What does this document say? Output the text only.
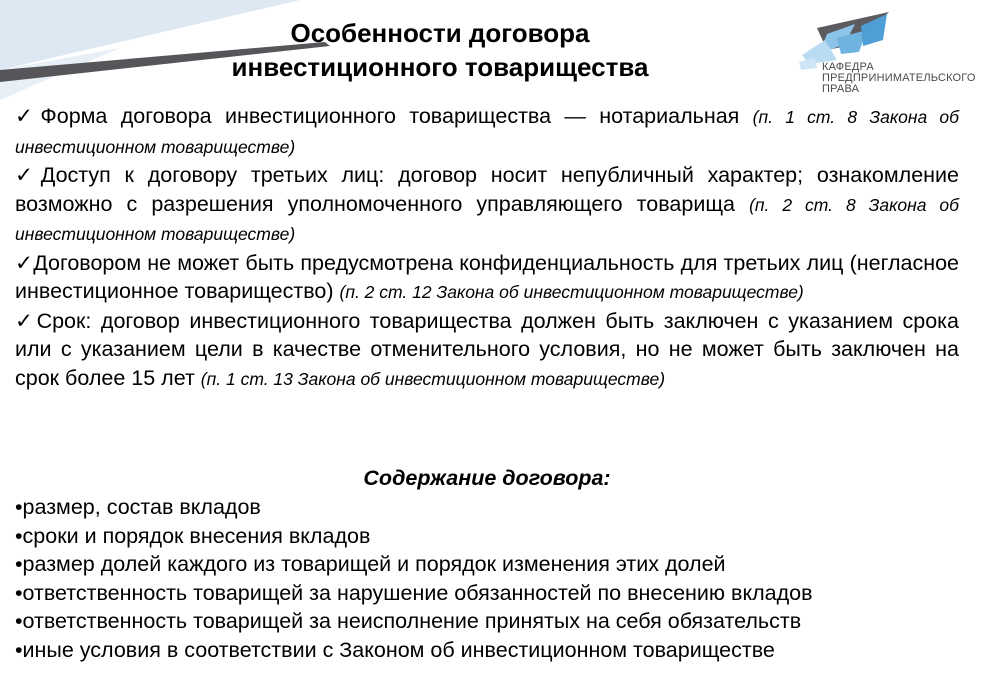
Особенности договора
инвестиционного товарищества	КАФЕДРА
ПРЕДПРИНИМАТЕЛЬСКОГО
ПРАВА
✓Форма договора инвестиционного товарищества — нотариальная (п. 1 ст. 8 Закона об инвестиционном товариществе)
✓Доступ к договору третьих лиц: договор носит непубличный характер; ознакомление возможно с разрешения уполномоченного управляющего товарища (п. 2 ст. 8 Закона об инвестиционном товариществе)
✓Договором не может быть предусмотрена конфиденциальность для третьих лиц (негласное инвестиционное товарищество) (п. 2 ст. 12 Закона об инвестиционном товариществе)
✓Срок: договор инвестиционного товарищества должен быть заключен с указанием срока или с указанием цели в качестве отменительного условия, но не может быть заключен на срок более 15 лет (п. 1 ст. 13 Закона об инвестиционном товариществе)
Содержание договора:
•размер, состав вкладов
•сроки и порядок внесения вкладов
•размер долей каждого из товарищей и порядок изменения этих долей
•ответственность товарищей за нарушение обязанностей по внесению вкладов
•ответственность товарищей за неисполнение принятых на себя обязательств
•иные условия в соответствии с Законом об инвестиционном товариществе
